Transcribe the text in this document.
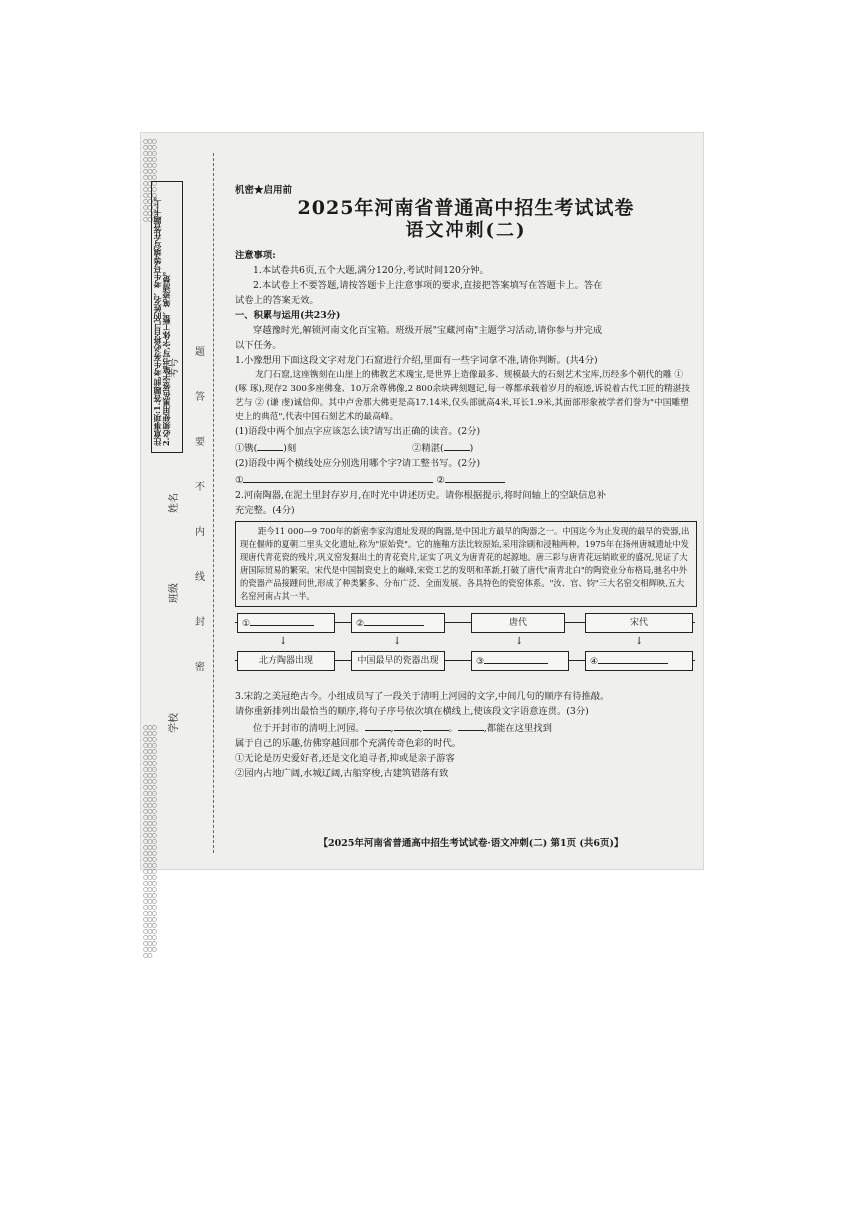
○○○○○○○○○○○○○○○○○○○○○○○○○○○○○○○○○○○○○○○○○○
注意事项:1.答题前,考生务必将自己的姓名、考生号等填写在答题卡上。2.必须使用黑色签字笔书写,字体工整、笔迹清楚。
○○○○○○○○○○○○○○○○○○○○○○○○○○○○○○○○○○○○○○○○○○○○○○○○○○○○○○○○○○○○○○○○○○○○○○○○○○○○○○○○○○○○○○○○○○○○○○○○○○○○○○○○○○○○○○○○○○○○
学校
班级
姓名
考号
题
答
要
不
内
线
封
密
机密★启用前
2025年河南省普通高中招生考试试卷
语文冲刺(二)

注意事项:

1.本试卷共6页,五个大题,满分120分,考试时间120分钟。

2.本试卷上不要答题,请按答题卡上注意事项的要求,直接把答案填写在答题卡上。答在

试卷上的答案无效。

一、积累与运用(共23分)

穿越豫时光,解锁河南文化百宝箱。班级开展"宝藏河南"主题学习活动,请你参与并完成

以下任务。

1.小豫想用下面这段文字对龙门石窟进行介绍,里面有一些字词拿不准,请你判断。(共4分)

龙门石窟,这座镌刻在山崖上的佛教艺术瑰宝,是世界上造像最多、规模最大的石刻艺术宝库,历经多个朝代的雕 ① (啄 琢),现存2 300多座佛龛、10万余尊佛像,2 800余块碑刻题记,每一尊都承载着岁月的痕迹,诉说着古代工匠的精湛技艺与 ② (谦 虔)诚信仰。其中卢舍那大佛更是高17.14米,仅头部就高4米,耳长1.9米,其面部形象被学者们誉为"中国雕塑史上的典范",代表中国石刻艺术的最高峰。

(1)语段中两个加点字应该怎么读?请写出正确的读音。(2分)

①镌(	)刻	②精湛(	)

(2)语段中两个横线处应分别选用哪个字?请工整书写。(2分)

①	②

2.河南陶器,在泥土里封存岁月,在时光中讲述历史。请你根据提示,将时间轴上的空缺信息补

充完整。(4分)

距今11 000—9 700年的新密李家沟遗址发现的陶器,是中国北方最早的陶器之一。中国迄今为止发现的最早的瓷器,出现在偃师的夏朝二里头文化遗址,称为"原始瓷"。它的施釉方法比较原始,采用涂刷和浸釉两种。1975年在扬州唐城遗址中发现唐代青花瓷的残片,巩义窑发掘出土的青花瓷片,证实了巩义为唐青花的起源地。唐三彩与唐青花远销欧亚的盛况,见证了大唐国际贸易的繁荣。宋代是中国制瓷史上的巅峰,宋瓷工艺的发明和革新,打破了唐代"南青北白"的陶瓷业分布格局,驰名中外的瓷器产品接踵问世,形成了种类繁多、分布广泛、全面发展、各具特色的瓷窑体系。"汝、官、钧"三大名窑交相辉映,五大名窑河南占其一半。
①	②	唐代	宋代
↓	↓	↓	↓
北方陶器出现	中国最早的瓷器出现	③	④

3.宋韵之美冠绝古今。小组成员写了一段关于清明上河园的文字,中间几句的顺序有待推敲。

请你重新排列出最恰当的顺序,将句子序号依次填在横线上,使该段文字语意连贯。(3分)

位于开封市的清明上河园。	,	,	。	,都能在这里找到

属于自己的乐趣,仿佛穿越回那个充满传奇色彩的时代。

①无论是历史爱好者,还是文化追寻者,抑或是亲子游客

②园内占地广阔,水城辽阔,古船穿梭,古建筑错落有致

【2025年河南省普通高中招生考试试卷·语文冲刺(二) 第1页 (共6页)】
